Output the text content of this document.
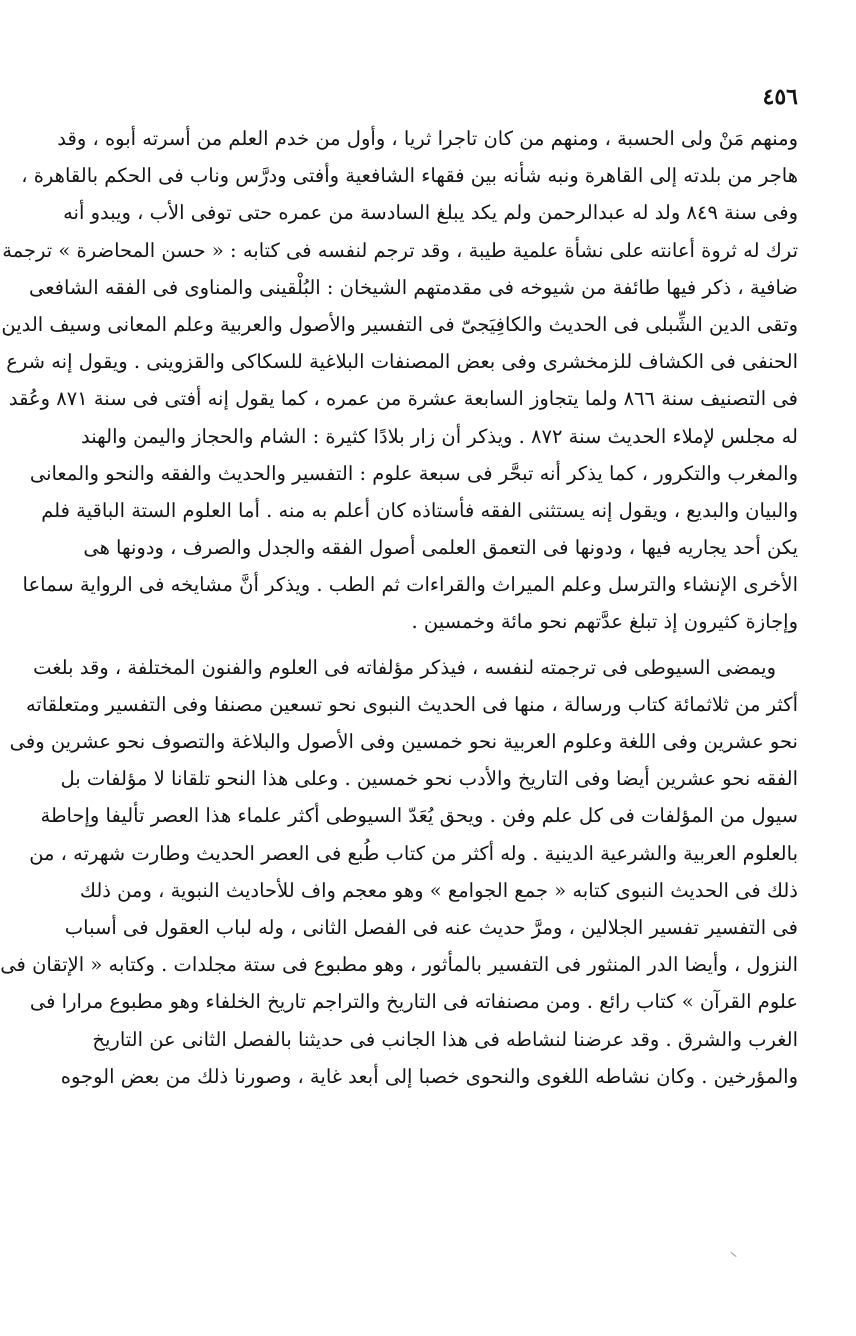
٤٥٦
ومنهم مَنْ ولى الحسبة ، ومنهم من كان تاجرا ثريا ، وأول من خدم العلم من أسرته أبوه ، وقد
هاجر من بلدته إلى القاهرة ونبه شأنه بين فقهاء الشافعية وأفتى ودرَّس وناب فى الحكم بالقاهرة ،
وفى سنة ٨٤٩ ولد له عبدالرحمن ولم يكد يبلغ السادسة من عمره حتى توفى الأب ، ويبدو أنه
ترك له ثروة أعانته على نشأة علمية طيبة ، وقد ترجم لنفسه فى كتابه : « حسن المحاضرة » ترجمة
ضافية ، ذكر فيها طائفة من شيوخه فى مقدمتهم الشيخان : البُلْقينى والمناوى فى الفقه الشافعى
وتقى الدين الشِّبلى فى الحديث والكافِيَجىّ فى التفسير والأصول والعربية وعلم المعانى وسيف الدين
الحنفى فى الكشاف للزمخشرى وفى بعض المصنفات البلاغية للسكاكى والقزوينى . ويقول إنه شرع
فى التصنيف سنة ٨٦٦ ولما يتجاوز السابعة عشرة من عمره ، كما يقول إنه أفتى فى سنة ٨٧١ وعُقد
له مجلس لإملاء الحديث سنة ٨٧٢ . ويذكر أن زار بلادًا كثيرة : الشام والحجاز واليمن والهند
والمغرب والتكرور ، كما يذكر أنه تبحَّر فى سبعة علوم : التفسير والحديث والفقه والنحو والمعانى
والبيان والبديع ، ويقول إنه يستثنى الفقه فأستاذه كان أعلم به منه . أما العلوم الستة الباقية فلم
يكن أحد يجاريه فيها ، ودونها فى التعمق العلمى أصول الفقه والجدل والصرف ، ودونها هى
الأخرى الإنشاء والترسل وعلم الميراث والقراءات ثم الطب . ويذكر أنَّ مشايخه فى الرواية سماعا
وإجازة كثيرون إذ تبلغ عدَّتهم نحو مائة وخمسين .
ويمضى السيوطى فى ترجمته لنفسه ، فيذكر مؤلفاته فى العلوم والفنون المختلفة ، وقد بلغت
أكثر من ثلاثمائة كتاب ورسالة ، منها فى الحديث النبوى نحو تسعين مصنفا وفى التفسير ومتعلقاته
نحو عشرين وفى اللغة وعلوم العربية نحو خمسين وفى الأصول والبلاغة والتصوف نحو عشرين وفى
الفقه نحو عشرين أيضا وفى التاريخ والأدب نحو خمسين . وعلى هذا النحو تلقانا لا مؤلفات بل
سيول من المؤلفات فى كل علم وفن . ويحق يُعَدّ السيوطى أكثر علماء هذا العصر تأليفا وإحاطة
بالعلوم العربية والشرعية الدينية . وله أكثر من كتاب طُبع فى العصر الحديث وطارت شهرته ، من
ذلك فى الحديث النبوى كتابه « جمع الجوامع » وهو معجم واف للأحاديث النبوية ، ومن ذلك
فى التفسير تفسير الجلالين ، ومرَّ حديث عنه فى الفصل الثانى ، وله لباب العقول فى أسباب
النزول ، وأيضا الدر المنثور فى التفسير بالمأثور ، وهو مطبوع فى ستة مجلدات . وكتابه « الإتقان فى
علوم القرآن » كتاب رائع . ومن مصنفاته فى التاريخ والتراجم تاريخ الخلفاء وهو مطبوع مرارا فى
الغرب والشرق . وقد عرضنا لنشاطه فى هذا الجانب فى حديثنا بالفصل الثانى عن التاريخ
والمؤرخين . وكان نشاطه اللغوى والنحوى خصبا إلى أبعد غاية ، وصورنا ذلك من بعض الوجوه
